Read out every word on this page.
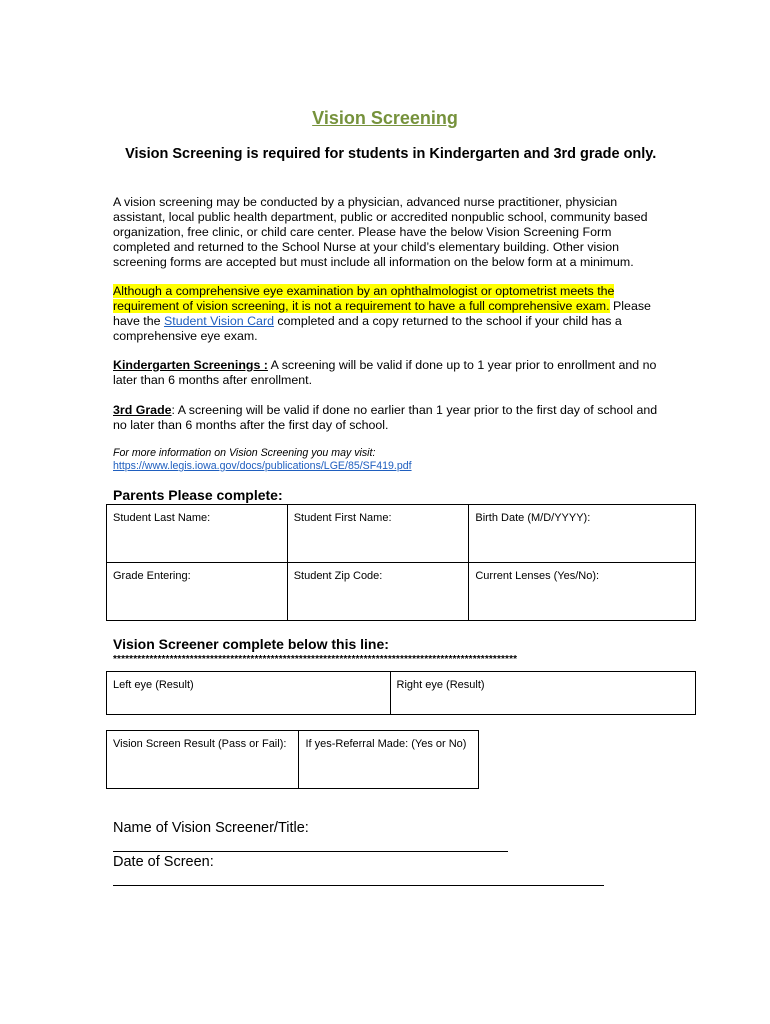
Vision Screening
Vision Screening is required for students in Kindergarten and 3rd grade only.
A vision screening may be conducted by a physician, advanced nurse practitioner, physician assistant, local public health department, public or accredited nonpublic school, community based organization, free clinic, or child care center. Please have the below Vision Screening Form completed and returned to the School Nurse at your child’s elementary building. Other vision screening forms are accepted but must include all information on the below form at a minimum.
Although a comprehensive eye examination by an ophthalmologist or optometrist meets the requirement of vision screening, it is not a requirement to have a full comprehensive exam. Please have the Student Vision Card completed and a copy returned to the school if your child has a comprehensive eye exam.
Kindergarten Screenings : A screening will be valid if done up to 1 year prior to enrollment and no later than 6 months after enrollment.
3rd Grade: A screening will be valid if done no earlier than 1 year prior to the first day of school and no later than 6 months after the first day of school.
For more information on Vision Screening you may visit:
https://www.legis.iowa.gov/docs/publications/LGE/85/SF419.pdf
Parents Please complete:
Student Last Name:	Student First Name:	Birth Date (M/D/YYYY):
Grade Entering:	Student Zip Code:	Current Lenses (Yes/No):
Vision Screener complete below this line:
****************************************************************************************************
Left eye (Result)	Right eye (Result)
Vision Screen Result (Pass or Fail):	If yes-Referral Made: (Yes or No)
Name of Vision Screener/Title:
Date of Screen:
